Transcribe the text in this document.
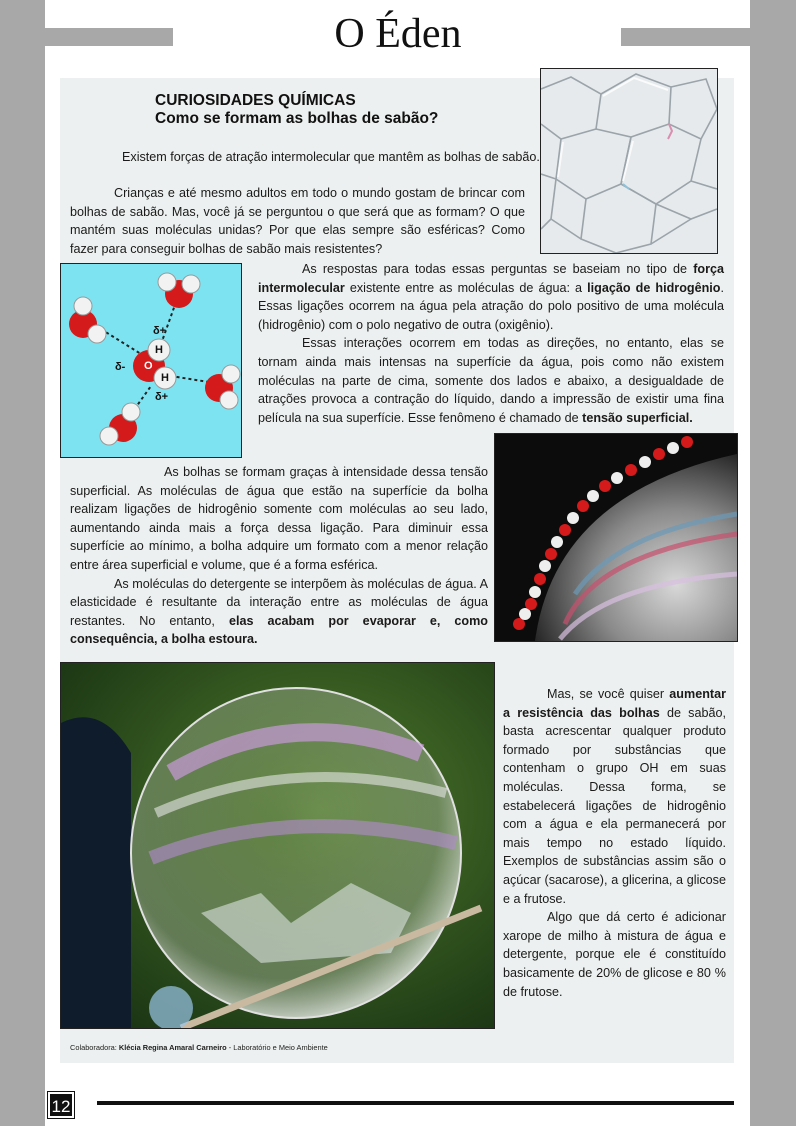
O Éden
CURIOSIDADES QUÍMICAS
Como se formam as bolhas de sabão?
Existem forças de atração intermolecular que mantêm as bolhas de sabão.

Crianças e até mesmo adultos em todo o mundo gostam de brincar com bolhas de sabão. Mas, você já se perguntou o que será que as formam? O que mantém suas moléculas unidas? Por que elas sempre são esféricas? Como fazer para conseguir bolhas de sabão mais resistentes?

δ+
H
δ- O
H
δ+

As respostas para todas essas perguntas se baseiam no tipo de força intermolecular existente entre as moléculas de água: a ligação de hidrogênio. Essas ligações ocorrem na água pela atração do polo positivo de uma molécula (hidrogênio) com o polo negativo de outra (oxigênio).

Essas interações ocorrem em todas as direções, no entanto, elas se tornam ainda mais intensas na superfície da água, pois como não existem moléculas na parte de cima, somente dos lados e abaixo, a desigualdade de atrações provoca a contração do líquido, dando a impressão de existir uma fina película na sua superfície. Esse fenômeno é chamado de tensão superficial.

As bolhas se formam graças à intensidade dessa tensão superficial. As moléculas de água que estão na superfície da bolha realizam ligações de hidrogênio somente com moléculas ao seu lado, aumentando ainda mais a força dessa ligação. Para diminuir essa superfície ao mínimo, a bolha adquire um formato com a menor relação entre área superficial e volume, que é a forma esférica.

As moléculas do detergente se interpõem às moléculas de água. A elasticidade é resultante da interação entre as moléculas de água restantes. No entanto, elas acabam por evaporar e, como consequência, a bolha estoura.

Mas, se você quiser aumentar a resistência das bolhas de sabão, basta acrescentar qualquer produto formado por substâncias que contenham o grupo OH em suas moléculas. Dessa forma, se estabelecerá ligações de hidrogênio com a água e ela permanecerá por mais tempo no estado líquido. Exemplos de substâncias assim são o açúcar (sacarose), a glicerina, a glicose e a frutose.

Algo que dá certo é adicionar xarope de milho à mistura de água e detergente, porque ele é constituído basicamente de 20% de glicose e 80 % de frutose.

Colaboradora: Klécia Regina Amaral Carneiro - Laboratório e Meio Ambiente
12
